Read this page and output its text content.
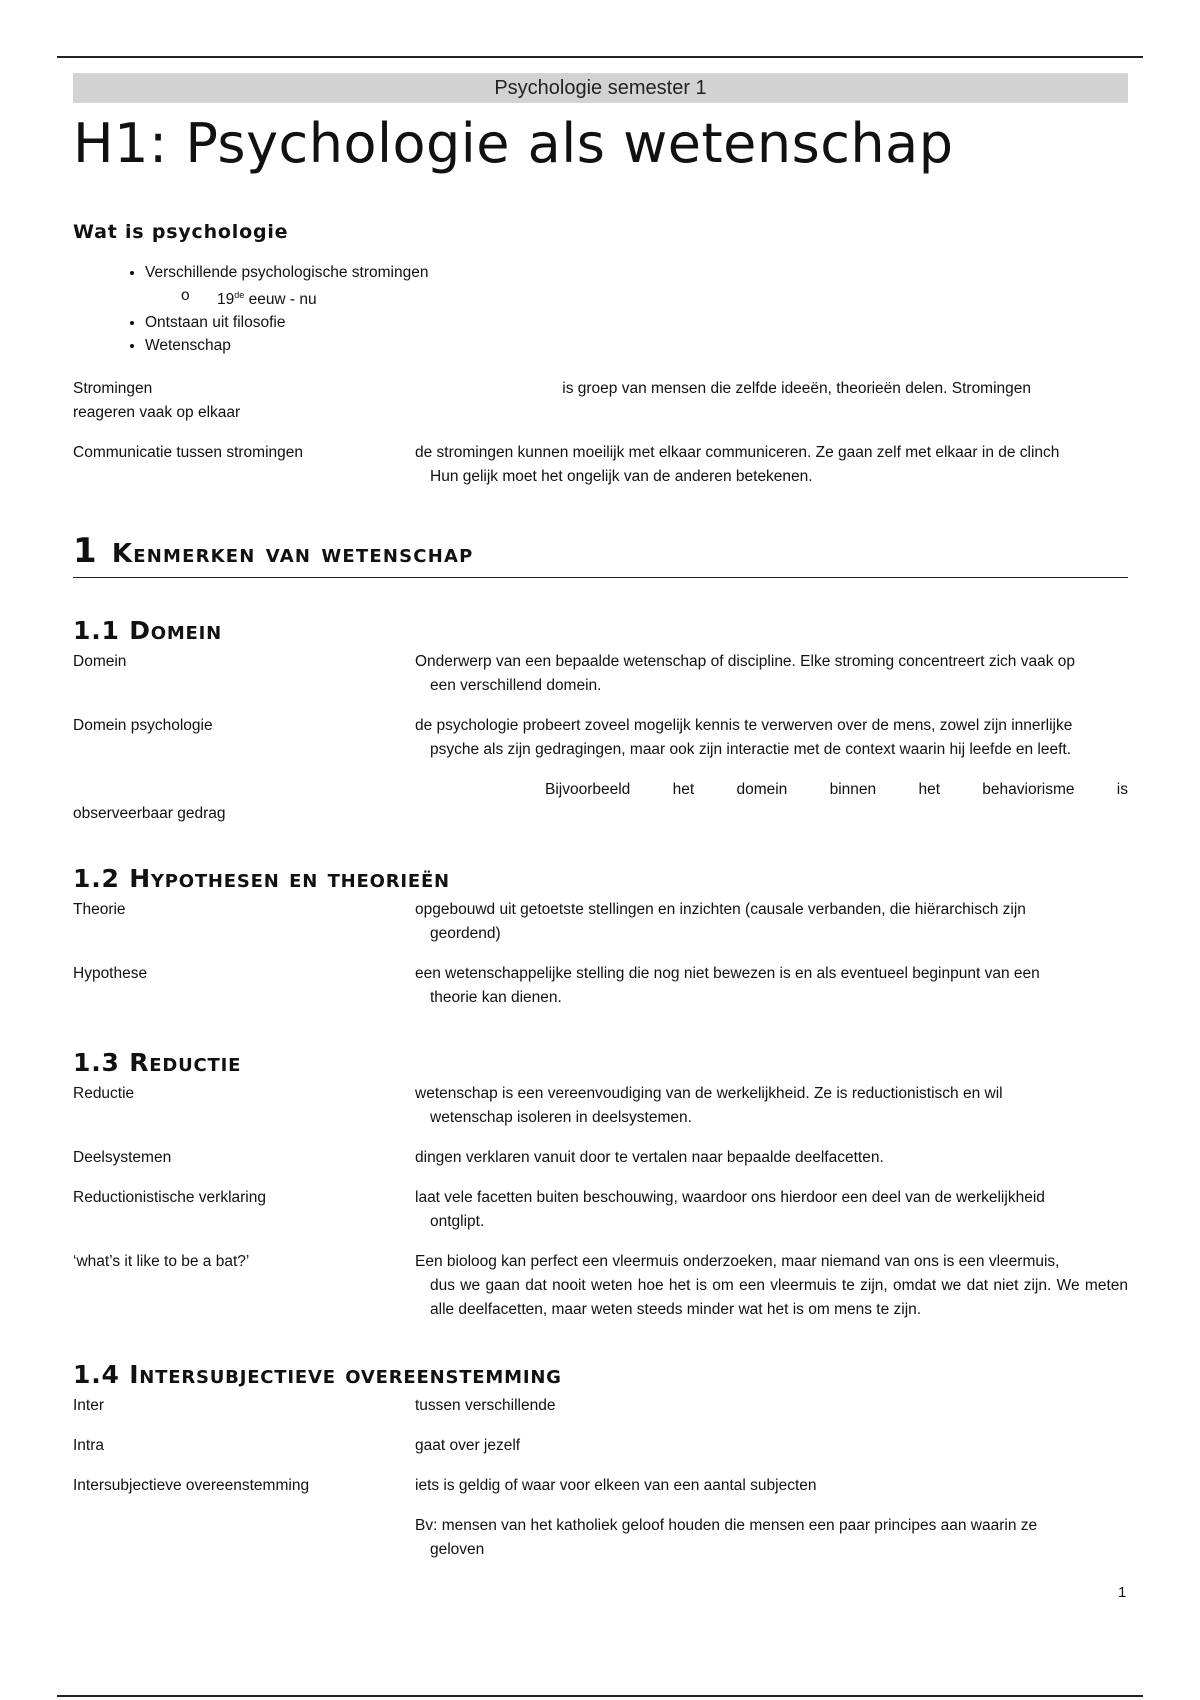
Psychologie semester 1
H1: Psychologie als wetenschap
Wat is psychologie
• Verschillende psychologische stromingen
o 19de eeuw - nu
• Ontstaan uit filosofie
• Wetenschap
Stromingen	is groep van mensen die zelfde ideeën, theorieën delen. Stromingen
reageren vaak op elkaar
Communicatie tussen stromingen	de stromingen kunnen moeilijk met elkaar communiceren. Ze gaan zelf met elkaar in de clinch
Hun gelijk moet het ongelijk van de anderen betekenen.
1 Kenmerken van wetenschap
1.1 Domein
Domein	Onderwerp van een bepaalde wetenschap of discipline. Elke stroming concentreert zich vaak op
een verschillend domein.
Domein psychologie	de psychologie probeert zoveel mogelijk kennis te verwerven over de mens, zowel zijn innerlijke
psyche als zijn gedragingen, maar ook zijn interactie met de context waarin hij leefde en leeft.
Bijvoorbeeld het domein binnen het behaviorisme is
observeerbaar gedrag
1.2 Hypothesen en theorieën
Theorie	opgebouwd uit getoetste stellingen en inzichten (causale verbanden, die hiërarchisch zijn
geordend)
Hypothese	een wetenschappelijke stelling die nog niet bewezen is en als eventueel beginpunt van een
theorie kan dienen.
1.3 Reductie
Reductie	wetenschap is een vereenvoudiging van de werkelijkheid. Ze is reductionistisch en wil
wetenschap isoleren in deelsystemen.
Deelsystemen	dingen verklaren vanuit door te vertalen naar bepaalde deelfacetten.
Reductionistische verklaring	laat vele facetten buiten beschouwing, waardoor ons hierdoor een deel van de werkelijkheid
ontglipt.
‘what’s it like to be a bat?’	Een bioloog kan perfect een vleermuis onderzoeken, maar niemand van ons is een vleermuis,
dus we gaan dat nooit weten hoe het is om een vleermuis te zijn, omdat we dat niet zijn. We meten alle deelfacetten, maar weten steeds minder wat het is om mens te zijn.
1.4 Intersubjectieve overeenstemming
Inter	tussen verschillende
Intra	gaat over jezelf
Intersubjectieve overeenstemming	iets is geldig of waar voor elkeen van een aantal subjecten
Bv: mensen van het katholiek geloof houden die mensen een paar principes aan waarin ze
geloven
1
